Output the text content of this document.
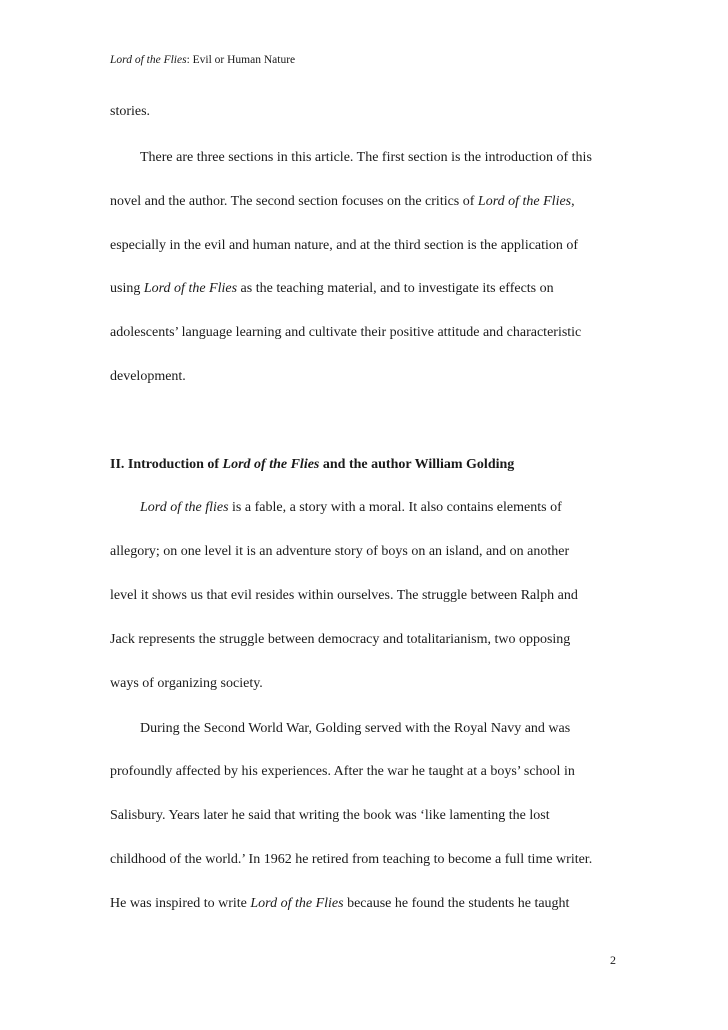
Lord of the Flies: Evil or Human Nature
stories.
There are three sections in this article. The first section is the introduction of this
novel and the author. The second section focuses on the critics of Lord of the Flies,
especially in the evil and human nature, and at the third section is the application of
using Lord of the Flies as the teaching material, and to investigate its effects on
adolescents’ language learning and cultivate their positive attitude and characteristic
development.
II. Introduction of Lord of the Flies and the author William Golding
Lord of the flies is a fable, a story with a moral. It also contains elements of
allegory; on one level it is an adventure story of boys on an island, and on another
level it shows us that evil resides within ourselves. The struggle between Ralph and
Jack represents the struggle between democracy and totalitarianism, two opposing
ways of organizing society.
During the Second World War, Golding served with the Royal Navy and was
profoundly affected by his experiences. After the war he taught at a boys’ school in
Salisbury. Years later he said that writing the book was ‘like lamenting the lost
childhood of the world.’ In 1962 he retired from teaching to become a full time writer.
He was inspired to write Lord of the Flies because he found the students he taught
2
